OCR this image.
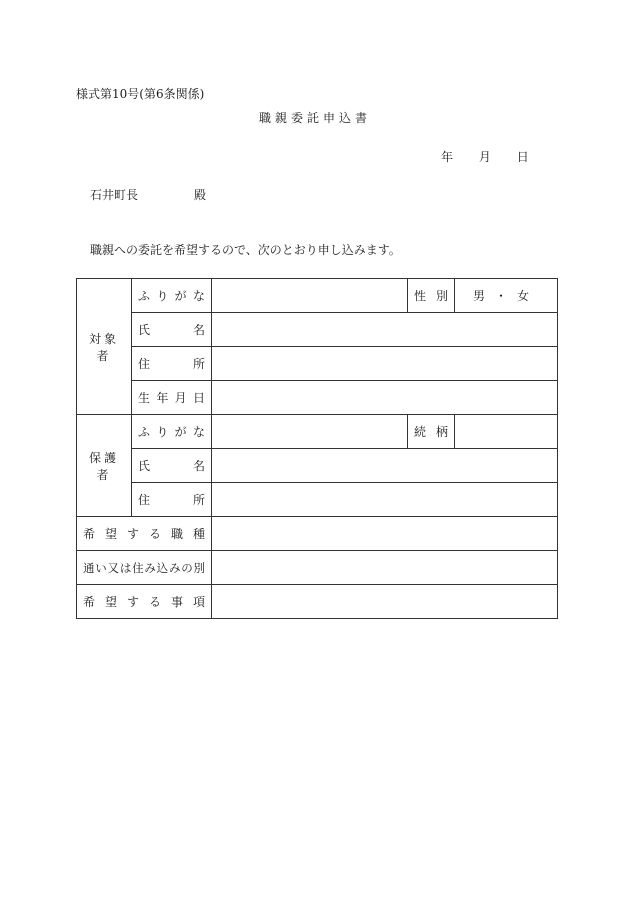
様式第10号(第6条関係)
職親委託申込書
年 月 日
石井町長	殿
職親への委託を希望するので、次のとおり申し込みます。
対象者	ふりがな		性別	男・女
	氏名			
	住所			
	生年月日			
保護者	ふりがな		続柄	
	氏名			
	住所			
希望する職種				
通い又は住み込みの別				
希望する事項				
